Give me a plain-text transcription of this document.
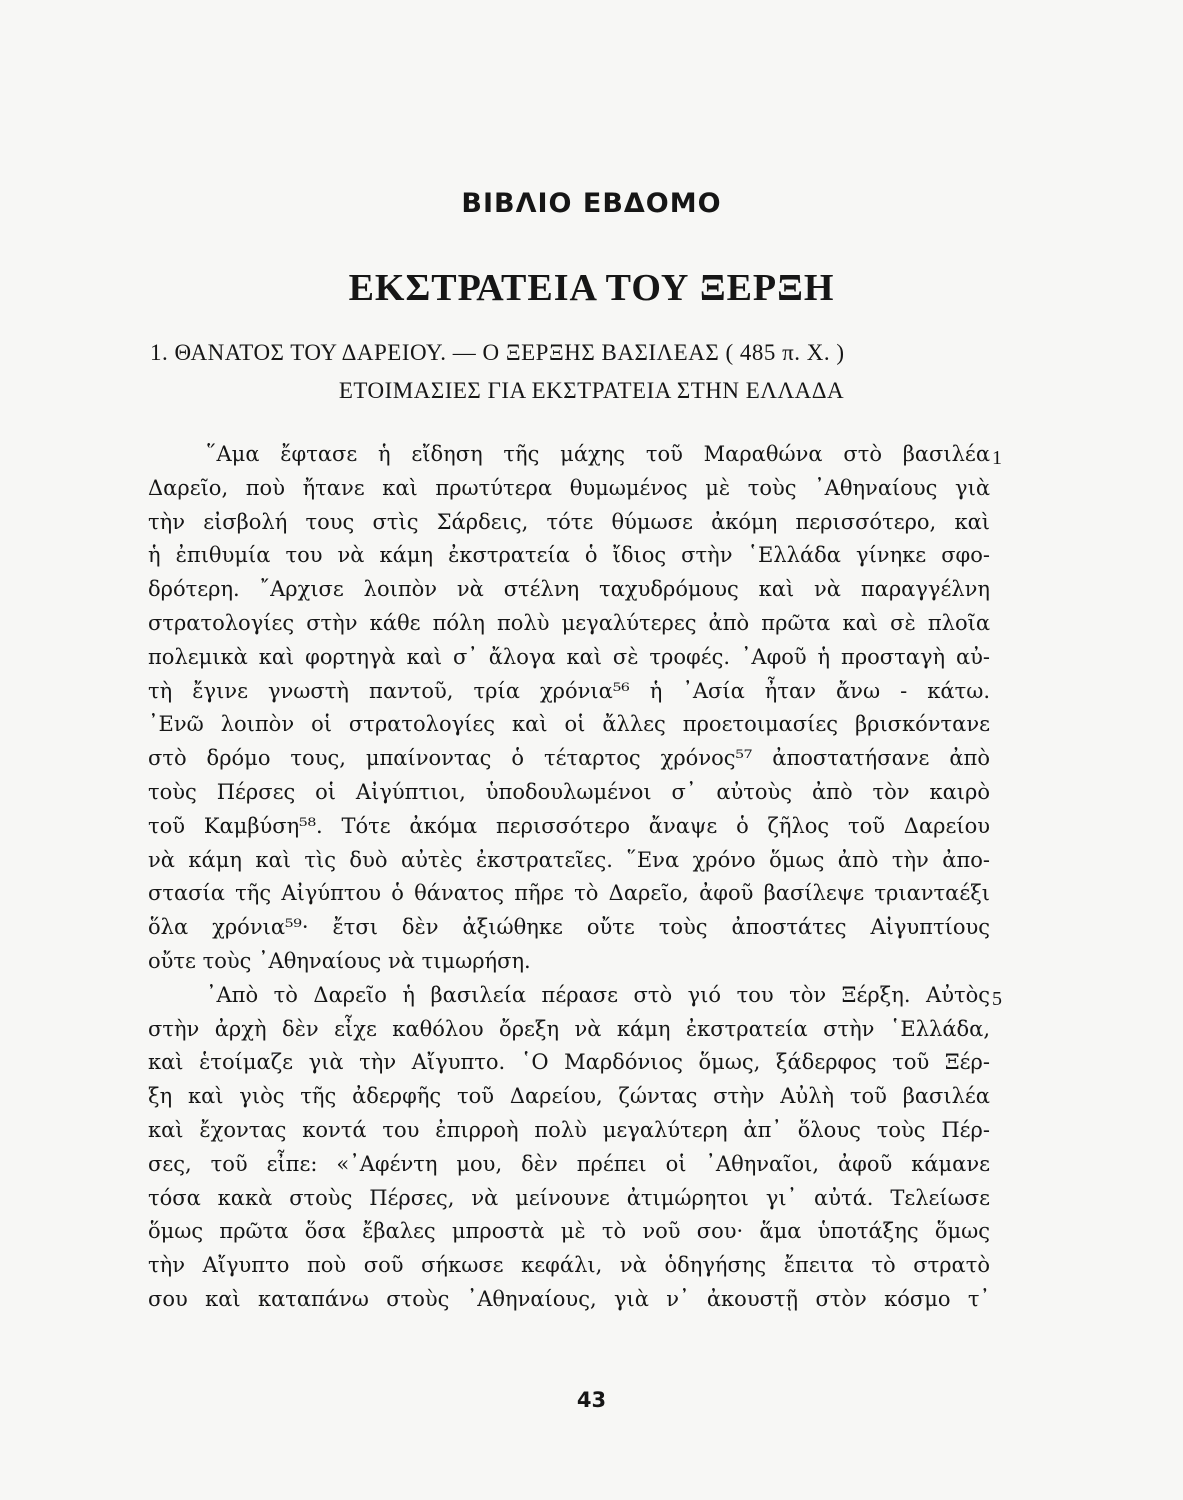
ΒΙΒΛΙΟ ΕΒΔΟΜΟ
ΕΚΣΤΡΑΤΕΙΑ ΤΟΥ ΞΕΡΞΗ
1. ΘΑΝΑΤΟΣ ΤΟΥ ΔΑΡΕΙΟΥ. — Ο ΞΕΡΞΗΣ ΒΑΣΙΛΕΑΣ ( 485 π. Χ. )
ΕΤΟΙΜΑΣΙΕΣ ΓΙΑ ΕΚΣΤΡΑΤΕΙΑ ΣΤΗΝ ΕΛΛΑΔΑ
1
5
῞Αμα ἔφτασε ἡ εἴδηση τῆς μάχης τοῦ Μαραθώνα στὸ βασιλέα
Δαρεῖο, ποὺ ἤτανε καὶ πρωτύτερα θυμωμένος μὲ τοὺς ᾿Αθηναίους γιὰ
τὴν εἰσβολή τους στὶς Σάρδεις, τότε θύμωσε ἀκόμη περισσότερο, καὶ
ἡ ἐπιθυμία του νὰ κάμη ἐκστρατεία ὁ ἴδιος στὴν ῾Ελλάδα γίνηκε σφο-
δρότερη. ῎Αρχισε λοιπὸν νὰ στέλνη ταχυδρόμους καὶ νὰ παραγγέλνη
στρατολογίες στὴν κάθε πόλη πολὺ μεγαλύτερες ἀπὸ πρῶτα καὶ σὲ πλοῖα
πολεμικὰ καὶ φορτηγὰ καὶ σ᾿ ἄλογα καὶ σὲ τροφές. ᾿Αφοῦ ἡ προσταγὴ αὐ-
τὴ ἔγινε γνωστὴ παντοῦ, τρία χρόνια⁵⁶ ἡ ᾿Ασία ἦταν ἄνω - κάτω.
᾿Ενῶ λοιπὸν οἱ στρατολογίες καὶ οἱ ἄλλες προετοιμασίες βρισκόντανε
στὸ δρόμο τους, μπαίνοντας ὁ τέταρτος χρόνος⁵⁷ ἀποστατήσανε ἀπὸ
τοὺς Πέρσες οἱ Αἰγύπτιοι, ὑποδουλωμένοι σ᾿ αὐτοὺς ἀπὸ τὸν καιρὸ
τοῦ Καμβύση⁵⁸. Τότε ἀκόμα περισσότερο ἄναψε ὁ ζῆλος τοῦ Δαρείου
νὰ κάμη καὶ τὶς δυὸ αὐτὲς ἐκστρατεῖες. ῞Ενα χρόνο ὅμως ἀπὸ τὴν ἀπο-
στασία τῆς Αἰγύπτου ὁ θάνατος πῆρε τὸ Δαρεῖο, ἀφοῦ βασίλεψε τριανταέξι
ὅλα χρόνια⁵⁹· ἔτσι δὲν ἀξιώθηκε οὔτε τοὺς ἀποστάτες Αἰγυπτίους
οὔτε τοὺς ᾿Αθηναίους νὰ τιμωρήση.
᾿Απὸ τὸ Δαρεῖο ἡ βασιλεία πέρασε στὸ γιό του τὸν Ξέρξη. Αὐτὸς
στὴν ἀρχὴ δὲν εἶχε καθόλου ὄρεξη νὰ κάμη ἐκστρατεία στὴν ῾Ελλάδα,
καὶ ἑτοίμαζε γιὰ τὴν Αἴγυπτο. ῾Ο Μαρδόνιος ὅμως, ξάδερφος τοῦ Ξέρ-
ξη καὶ γιὸς τῆς ἀδερφῆς τοῦ Δαρείου, ζώντας στὴν Αὐλὴ τοῦ βασιλέα
καὶ ἔχοντας κοντά του ἐπιρροὴ πολὺ μεγαλύτερη ἀπ᾿ ὅλους τοὺς Πέρ-
σες, τοῦ εἶπε: «᾿Αφέντη μου, δὲν πρέπει οἱ ᾿Αθηναῖοι, ἀφοῦ κάμανε
τόσα κακὰ στοὺς Πέρσες, νὰ μείνουνε ἀτιμώρητοι γι᾿ αὐτά. Τελείωσε
ὅμως πρῶτα ὅσα ἔβαλες μπροστὰ μὲ τὸ νοῦ σου· ἅμα ὑποτάξης ὅμως
τὴν Αἴγυπτο ποὺ σοῦ σήκωσε κεφάλι, νὰ ὁδηγήσης ἔπειτα τὸ στρατὸ
σου καὶ καταπάνω στοὺς ᾿Αθηναίους, γιὰ ν᾿ ἀκουστῇ στὸν κόσμο τ᾿
43
